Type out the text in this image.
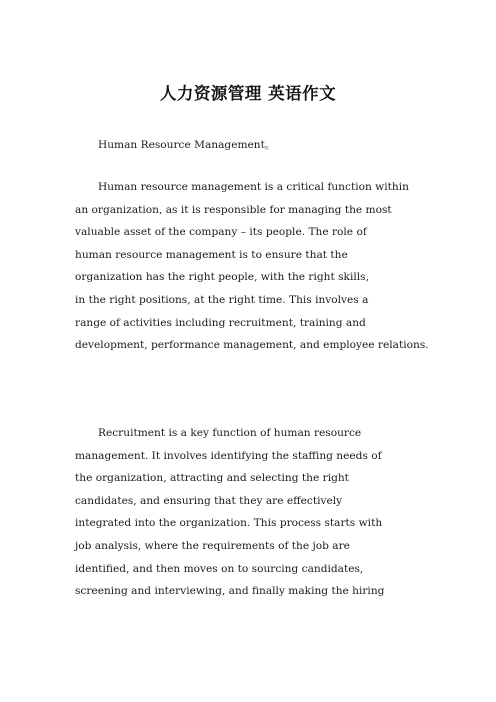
人力资源管理 英语作文

Human Resource Management。

Human resource management is a critical function within
an organization, as it is responsible for managing the most
valuable asset of the company – its people. The role of
human resource management is to ensure that the
organization has the right people, with the right skills,
in the right positions, at the right time. This involves a
range of activities including recruitment, training and
development, performance management, and employee relations.

Recruitment is a key function of human resource
management. It involves identifying the staffing needs of
the organization, attracting and selecting the right
candidates, and ensuring that they are effectively
integrated into the organization. This process starts with
job analysis, where the requirements of the job are
identified, and then moves on to sourcing candidates,
screening and interviewing, and finally making the hiring
